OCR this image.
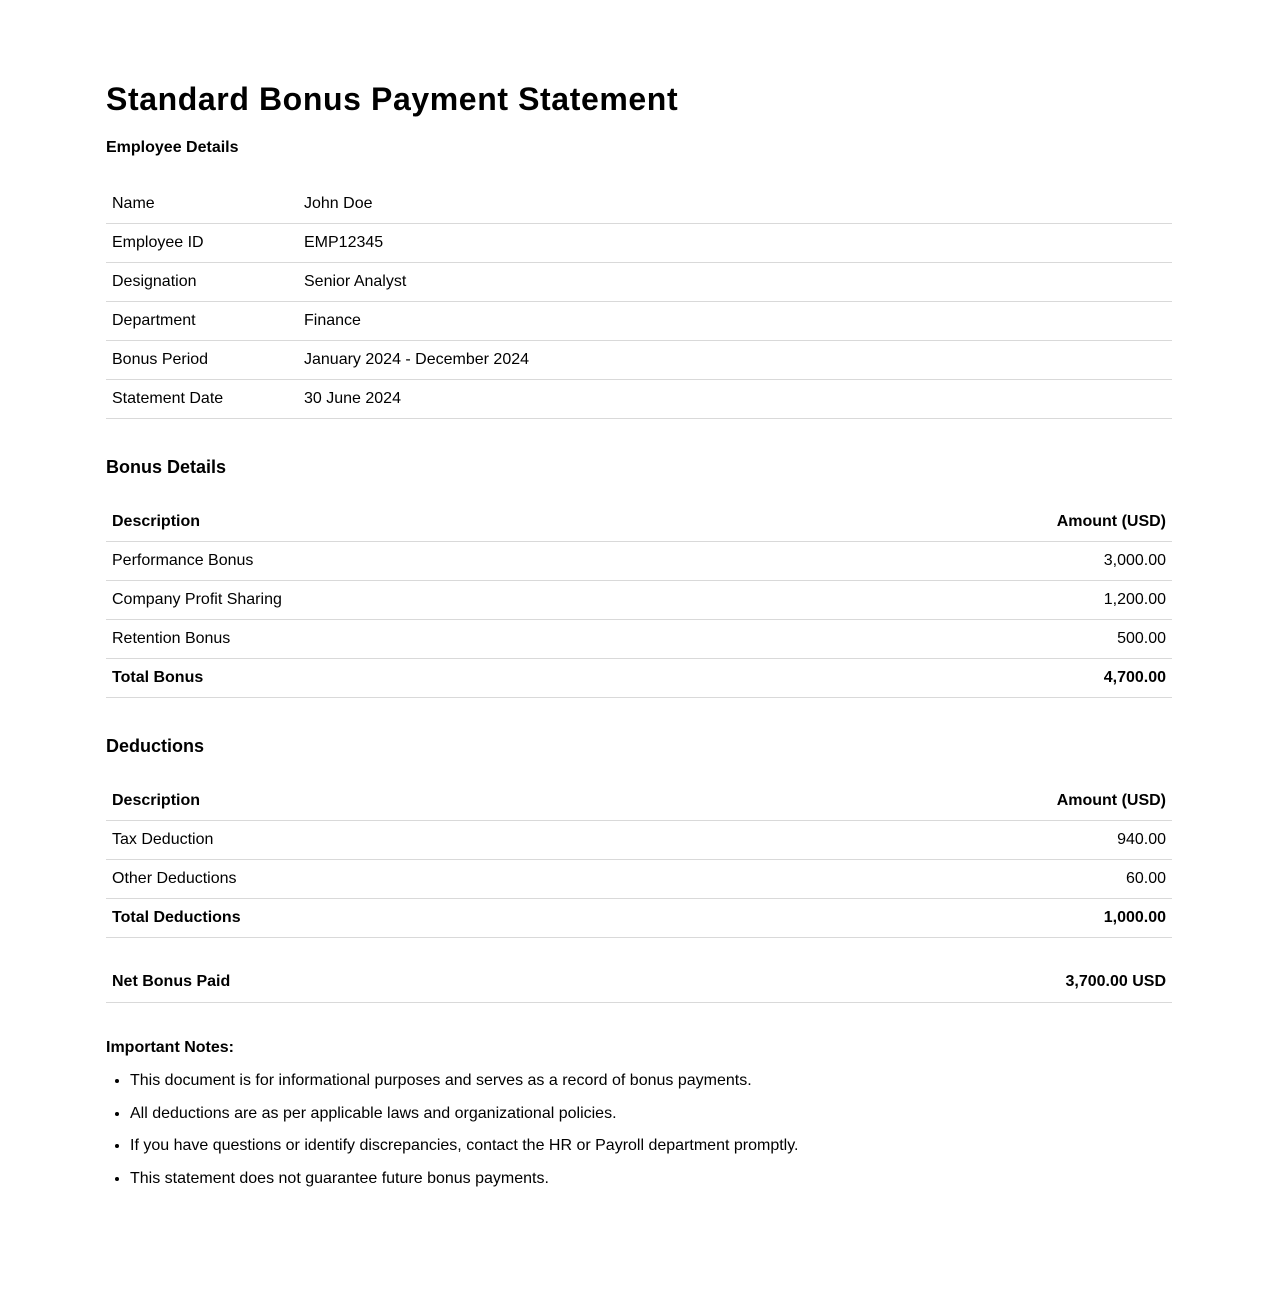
Standard Bonus Payment Statement
Employee Details
Name	John Doe
Employee ID	EMP12345
Designation	Senior Analyst
Department	Finance
Bonus Period	January 2024 - December 2024
Statement Date	30 June 2024
Bonus Details
Description	Amount (USD)
Performance Bonus	3,000.00
Company Profit Sharing	1,200.00
Retention Bonus	500.00
Total Bonus	4,700.00
Deductions
Description	Amount (USD)
Tax Deduction	940.00
Other Deductions	60.00
Total Deductions	1,000.00
Net Bonus Paid	3,700.00 USD
Important Notes:
• This document is for informational purposes and serves as a record of bonus payments.
• All deductions are as per applicable laws and organizational policies.
• If you have questions or identify discrepancies, contact the HR or Payroll department promptly.
• This statement does not guarantee future bonus payments.
